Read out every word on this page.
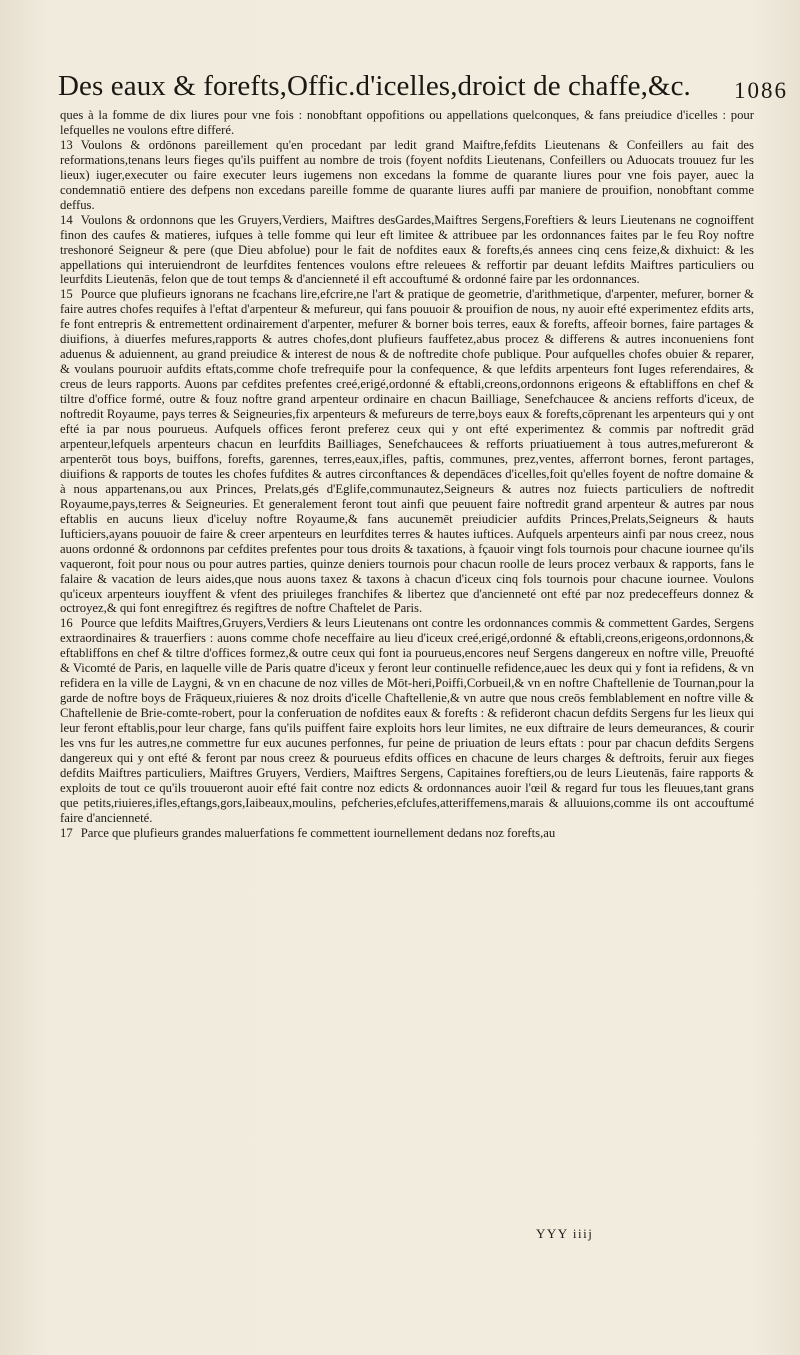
Des eaux & forefts,Offic.d'icelles,droict de chaffe,&c. 1086

ques à la fomme de dix liures pour vne fois : nonobftant oppofitions ou appellations quelconques, & fans preiudice d'icelles : pour lefquelles ne voulons eftre differé.

13 Voulons & ordōnons pareillement qu'en procedant par ledit grand Maiftre,fefdits Lieutenans & Confeillers au fait des reformations,tenans leurs fieges qu'ils puiffent au nombre de trois (foyent nofdits Lieutenans, Confeillers ou Aduocats trouuez fur les lieux) iuger,executer ou faire executer leurs iugemens non excedans la fomme de quarante liures pour vne fois payer, auec la condemnatiō entiere des defpens non excedans pareille fomme de quarante liures auffi par maniere de prouifion, nonobftant comme deffus.

14 Voulons & ordonnons que les Gruyers,Verdiers, Maiftres desGardes,Maiftres Sergens,Foreftiers & leurs Lieutenans ne cognoiffent finon des caufes & matieres, iufques à telle fomme qui leur eft limitee & attribuee par les ordonnances faites par le feu Roy noftre treshonoré Seigneur & pere (que Dieu abfolue) pour le fait de nofdites eaux & forefts,és annees cinq cens feize,& dixhuict: & les appellations qui interuiendront de leurfdites fentences voulons eftre releuees & reffortir par deuant lefdits Maiftres particuliers ou leurfdits Lieutenās, felon que de tout temps & d'ancienneté il eft accouftumé & ordonné faire par les ordonnances.

15 Pource que plufieurs ignorans ne fcachans lire,efcrire,ne l'art & pratique de geometrie, d'arithmetique, d'arpenter, mefurer, borner & faire autres chofes requifes à l'eftat d'arpenteur & mefureur, qui fans pouuoir & prouifion de nous, ny auoir efté experimentez efdits arts, fe font entrepris & entremettent ordinairement d'arpenter, mefurer & borner bois terres, eaux & forefts, affeoir bornes, faire partages & diuifions, à diuerfes mefures,rapports & autres chofes,dont plufieurs fauffetez,abus procez & differens & autres inconueniens font aduenus & aduiennent, au grand preiudice & interest de nous & de noftredite chofe publique. Pour aufquelles chofes obuier & reparer, & voulans pouruoir aufdits eftats,comme chofe trefrequife pour la confequence, & que lefdits arpenteurs font Iuges referendaires, & creus de leurs rapports. Auons par cefdites prefentes creé,erigé,ordonné & eftabli,creons,ordonnons erigeons & eftabliffons en chef & tiltre d'office formé, outre & fouz noftre grand arpenteur ordinaire en chacun Bailliage, Senefchaucee & anciens refforts d'iceux, de noftredit Royaume, pays terres & Seigneuries,fix arpenteurs & mefureurs de terre,boys eaux & forefts,cōprenant les arpenteurs qui y ont efté ia par nous pourueus. Aufquels offices feront preferez ceux qui y ont efté experimentez & commis par noftredit grād arpenteur,lefquels arpenteurs chacun en leurfdits Bailliages, Senefchaucees & refforts priuatiuement à tous autres,mefureront & arpenterōt tous boys, buiffons, forefts, garennes, terres,eaux,ifles, paftis, communes, prez,ventes, afferront bornes, feront partages, diuifions & rapports de toutes les chofes fufdites & autres circonftances & dependāces d'icelles,foit qu'elles foyent de noftre domaine & à nous appartenans,ou aux Princes, Prelats,gés d'Eglife,communautez,Seigneurs & autres noz fuiects particuliers de noftredit Royaume,pays,terres & Seigneuries. Et generalement feront tout ainfi que peuuent faire noftredit grand arpenteur & autres par nous eftablis en aucuns lieux d'iceluy noftre Royaume,& fans aucunemēt preiudicier aufdits Princes,Prelats,Seigneurs & hauts Iufticiers,ayans pouuoir de faire & creer arpenteurs en leurfdites terres & hautes iuftices. Aufquels arpenteurs ainfi par nous creez, nous auons ordonné & ordonnons par cefdites prefentes pour tous droits & taxations, à fçauoir vingt fols tournois pour chacune iournee qu'ils vaqueront, foit pour nous ou pour autres parties, quinze deniers tournois pour chacun roolle de leurs procez verbaux & rapports, fans le falaire & vacation de leurs aides,que nous auons taxez & taxons à chacun d'iceux cinq fols tournois pour chacune iournee. Voulons qu'iceux arpenteurs iouyffent & vfent des priuileges franchifes & libertez que d'ancienneté ont efté par noz predeceffeurs donnez & octroyez,& qui font enregiftrez és regiftres de noftre Chaftelet de Paris.

16 Pource que lefdits Maiftres,Gruyers,Verdiers & leurs Lieutenans ont contre les ordonnances commis & commettent Gardes, Sergens extraordinaires & trauerfiers : auons comme chofe neceffaire au lieu d'iceux creé,erigé,ordonné & eftabli,creons,erigeons,ordonnons,& eftabliffons en chef & tiltre d'offices formez,& outre ceux qui font ia pourueus,encores neuf Sergens dangereux en noftre ville, Preuofté & Vicomté de Paris, en laquelle ville de Paris quatre d'iceux y feront leur continuelle refidence,auec les deux qui y font ia refidens, & vn refidera en la ville de Laygni, & vn en chacune de noz villes de Mōt-heri,Poiffi,Corbueil,& vn en noftre Chaftellenie de Tournan,pour la garde de noftre boys de Frāqueux,riuieres & noz droits d'icelle Chaftellenie,& vn autre que nous creōs femblablement en noftre ville & Chaftellenie de Brie-comte-robert, pour la conferuation de nofdites eaux & forefts : & refideront chacun defdits Sergens fur les lieux qui leur feront eftablis,pour leur charge, fans qu'ils puiffent faire exploits hors leur limites, ne eux diftraire de leurs demeurances, & courir les vns fur les autres,ne commettre fur eux aucunes perfonnes, fur peine de priuation de leurs eftats : pour par chacun defdits Sergens dangereux qui y ont efté & feront par nous creez & pourueus efdits offices en chacune de leurs charges & deftroits, feruir aux fieges defdits Maiftres particuliers, Maiftres Gruyers, Verdiers, Maiftres Sergens, Capitaines foreftiers,ou de leurs Lieutenās, faire rapports & exploits de tout ce qu'ils trouueront auoir efté fait contre noz edicts & ordonnances auoir l'œil & regard fur tous les fleuues,tant grans que petits,riuieres,ifles,eftangs,gors,Iaibeaux,moulins, pefcheries,efclufes,atteriffemens,marais & alluuions,comme ils ont accouftumé faire d'ancienneté.

17 Parce que plufieurs grandes maluerfations fe commettent iournellement dedans noz forefts,au

YYY iiij
